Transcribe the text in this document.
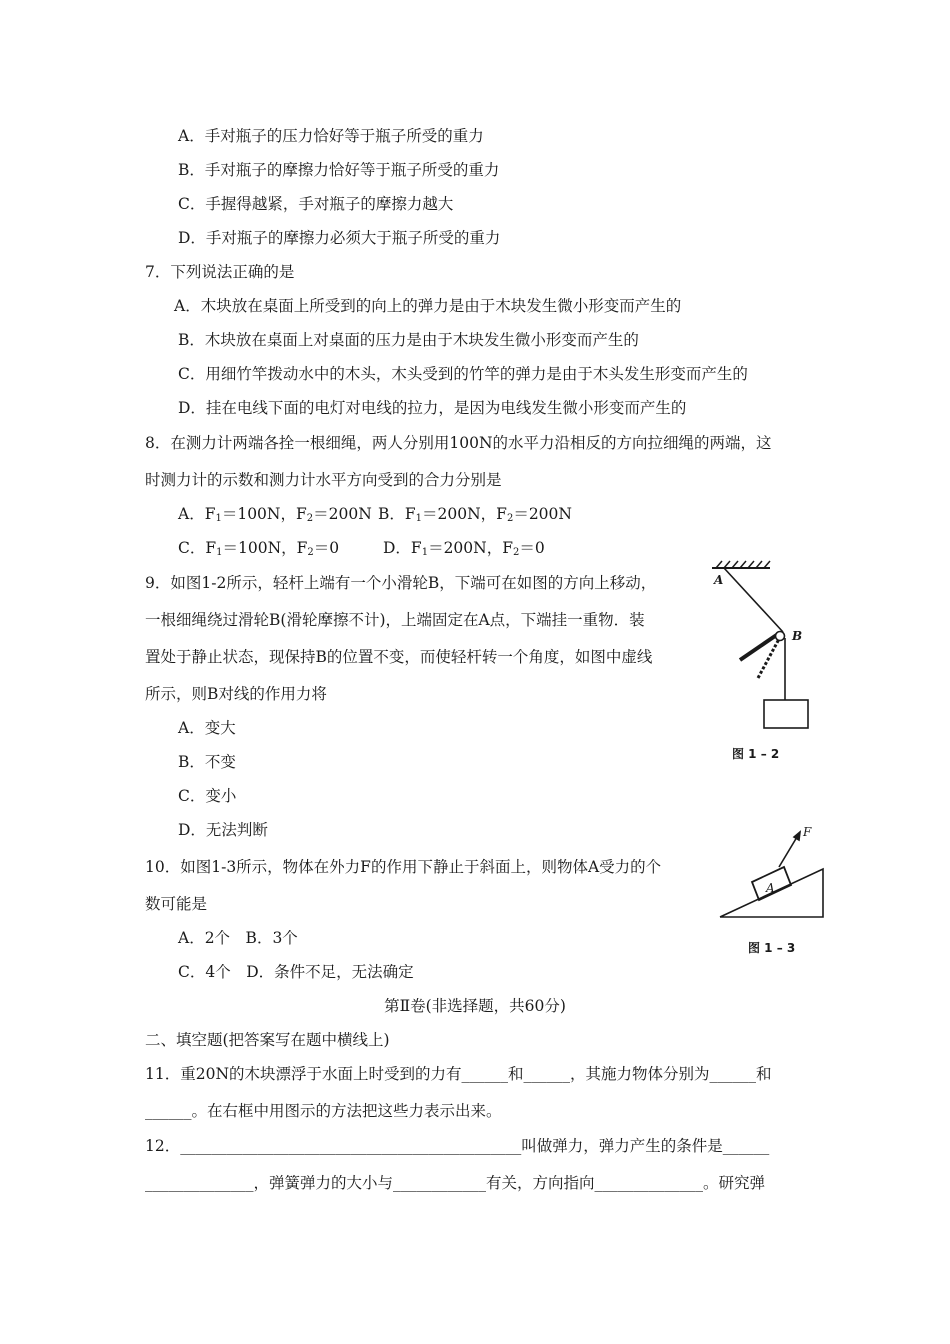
A．手对瓶子的压力恰好等于瓶子所受的重力
B．手对瓶子的摩擦力恰好等于瓶子所受的重力
C．手握得越紧，手对瓶子的摩擦力越大
D．手对瓶子的摩擦力必须大于瓶子所受的重力
7．下列说法正确的是
A．木块放在桌面上所受到的向上的弹力是由于木块发生微小形变而产生的
B．木块放在桌面上对桌面的压力是由于木块发生微小形变而产生的
C．用细竹竿拨动水中的木头，木头受到的竹竿的弹力是由于木头发生形变而产生的
D．挂在电线下面的电灯对电线的拉力，是因为电线发生微小形变而产生的
8．在测力计两端各拴一根细绳，两人分别用100N的水平力沿相反的方向拉细绳的两端，这
时测力计的示数和测力计水平方向受到的合力分别是
A．$F_1=100N$，$F_2=200N$ B．$F_1=200N$，$F_2=200N$
C．$F_1=100N$，$F_2=0$	D．$F_1=200N$，$F_2=0$
9．如图1-2所示，轻杆上端有一个小滑轮B，下端可在如图的方向上移动，
一根细绳绕过滑轮B(滑轮摩擦不计)，上端固定在A点，下端挂一重物．装
置处于静止状态，现保持B的位置不变，而使轻杆转一个角度，如图中虚线
所示，则B对线的作用力将
A．变大
B．不变
C．变小
D．无法判断
A
B
图 1 – 2
10．如图1-3所示，物体在外力F的作用下静止于斜面上，则物体A受力的个
数可能是
A．2个　B．3个
C．4个　D．条件不足，无法确定
F
A
图 1 – 3
第Ⅱ卷(非选择题，共60分)
二、填空题(把答案写在题中横线上)
11．重20N的木块漂浮于水面上时受到的力有______和______，其施力物体分别为______和
______。在右框中用图示的方法把这些力表示出来。
12．____________________________________________叫做弹力，弹力产生的条件是______
______________，弹簧弹力的大小与____________有关，方向指向______________。研究弹
